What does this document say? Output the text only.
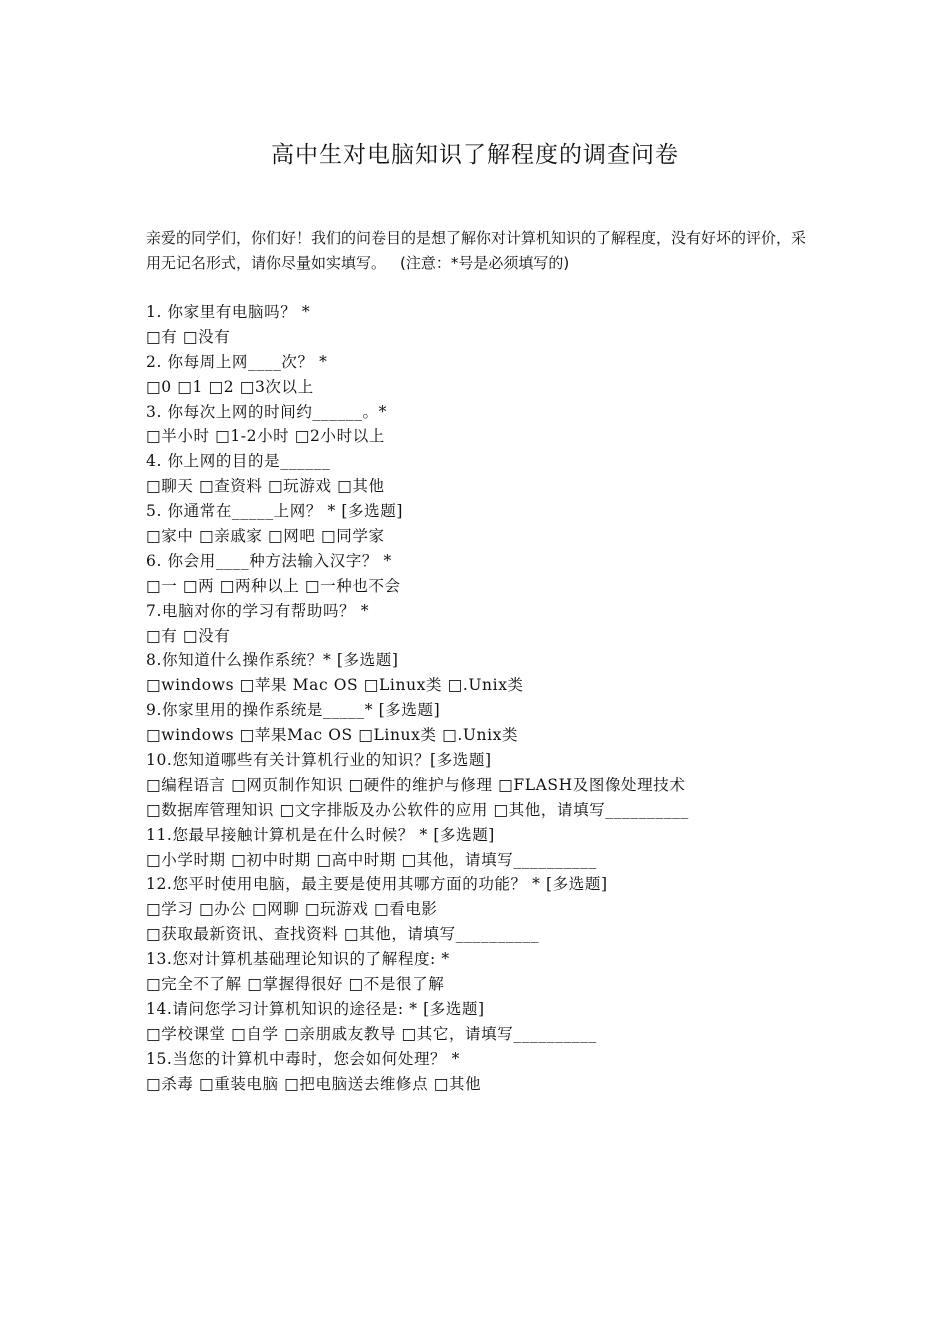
高中生对电脑知识了解程度的调查问卷

亲爱的同学们，你们好！我们的问卷目的是想了解你对计算机知识的了解程度，没有好坏的评价，采用无记名形式，请你尽量如实填写。 (注意：*号是必须填写的)

1. 你家里有电脑吗？ *
□有 □没有
2. 你每周上网____次？ *
□0 □1 □2 □3次以上
3. 你每次上网的时间约______。*
□半小时 □1-2小时 □2小时以上
4. 你上网的目的是______
□聊天 □查资料 □玩游戏 □其他
5. 你通常在_____上网？ * [多选题]
□家中 □亲戚家 □网吧 □同学家
6. 你会用____种方法输入汉字？ *
□一 □两 □两种以上 □一种也不会
7.电脑对你的学习有帮助吗？ *
□有 □没有
8.你知道什么操作系统？* [多选题]
□windows □苹果 Mac OS □Linux类 □.Unix类
9.你家里用的操作系统是_____* [多选题]
□windows □苹果Mac OS □Linux类 □.Unix类
10.您知道哪些有关计算机行业的知识？[多选题]
□编程语言 □网页制作知识 □硬件的维护与修理 □FLASH及图像处理技术
□数据库管理知识 □文字排版及办公软件的应用 □其他，请填写__________
11.您最早接触计算机是在什么时候？ * [多选题]
□小学时期 □初中时期 □高中时期 □其他，请填写__________
12.您平时使用电脑，最主要是使用其哪方面的功能？ * [多选题]
□学习 □办公 □网聊 □玩游戏 □看电影
□获取最新资讯、查找资料 □其他，请填写__________
13.您对计算机基础理论知识的了解程度: *
□完全不了解 □掌握得很好 □不是很了解
14.请问您学习计算机知识的途径是: * [多选题]
□学校课堂 □自学 □亲朋戚友教导 □其它，请填写__________
15.当您的计算机中毒时，您会如何处理？ *
□杀毒 □重装电脑 □把电脑送去维修点 □其他
